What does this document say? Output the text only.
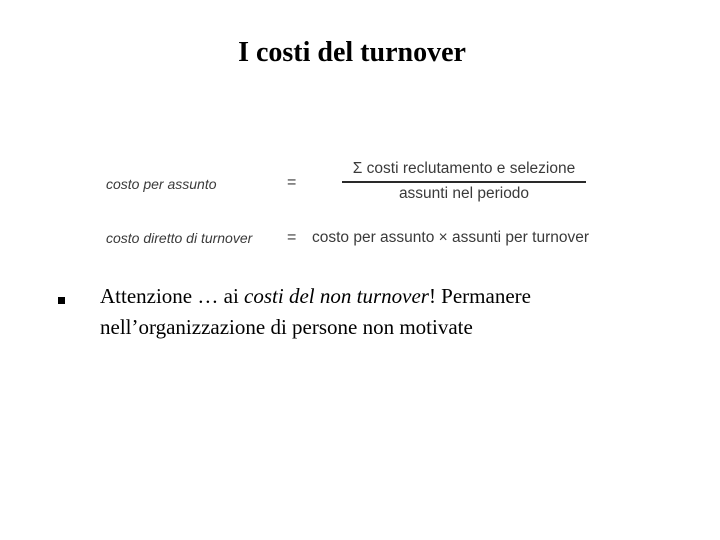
I costi del turnover
costo per assunto	=
Σ costi reclutamento e selezione
assunti nel periodo
costo diretto di turnover = costo per assunto × assunti per turnover
Attenzione … ai costi del non turnover! Permanere nell’organizzazione di persone non motivate
